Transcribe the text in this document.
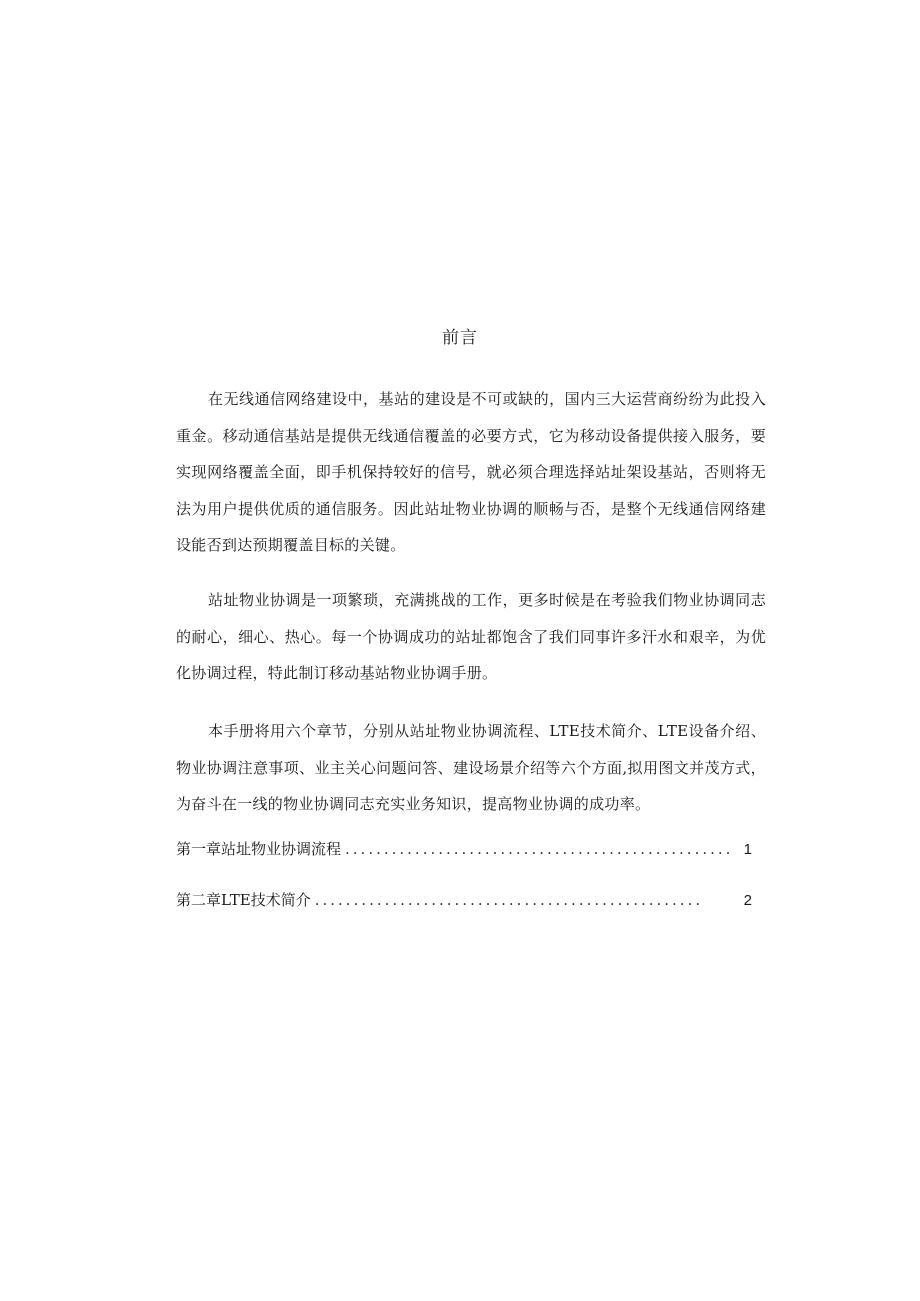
前言

在无线通信网络建设中，基站的建设是不可或缺的，国内三大运营商纷纷为此投入重金。移动通信基站是提供无线通信覆盖的必要方式，它为移动设备提供接入服务，要实现网络覆盖全面，即手机保持较好的信号，就必须合理选择站址架设基站，否则将无法为用户提供优质的通信服务。因此站址物业协调的顺畅与否，是整个无线通信网络建设能否到达预期覆盖目标的关键。

站址物业协调是一项繁琐，充满挑战的工作，更多时候是在考验我们物业协调同志的耐心，细心、热心。每一个协调成功的站址都饱含了我们同事许多汗水和艰辛，为优化协调过程，特此制订移动基站物业协调手册。

本手册将用六个章节，分别从站址物业协调流程、LTE技术简介、LTE设备介绍、物业协调注意事项、业主关心问题问答、建设场景介绍等六个方面,拟用图文并茂方式，为奋斗在一线的物业协调同志充实业务知识，提高物业协调的成功率。

第一章站址物业协调流程 .................................................. 1
第二章LTE技术简介 ..................................................	2
